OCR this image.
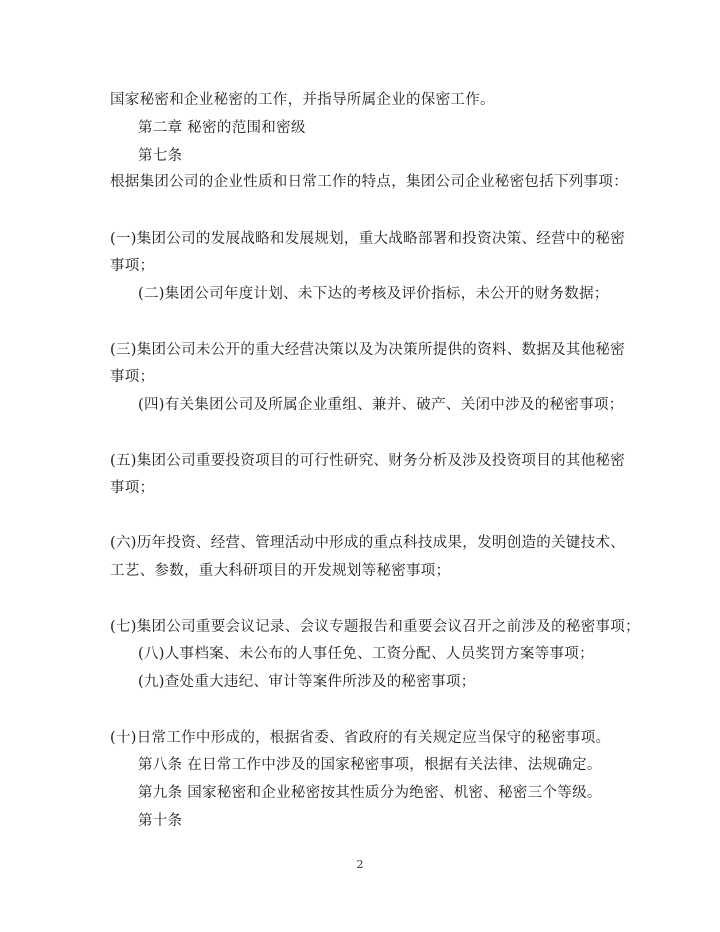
国家秘密和企业秘密的工作，并指导所属企业的保密工作。
第二章 秘密的范围和密级
第七条
根据集团公司的企业性质和日常工作的特点，集团公司企业秘密包括下列事项：
(一)集团公司的发展战略和发展规划，重大战略部署和投资决策、经营中的秘密
事项；
(二)集团公司年度计划、未下达的考核及评价指标，未公开的财务数据；
(三)集团公司未公开的重大经营决策以及为决策所提供的资料、数据及其他秘密
事项；
(四)有关集团公司及所属企业重组、兼并、破产、关闭中涉及的秘密事项；
(五)集团公司重要投资项目的可行性研究、财务分析及涉及投资项目的其他秘密
事项；
(六)历年投资、经营、管理活动中形成的重点科技成果，发明创造的关键技术、
工艺、参数，重大科研项目的开发规划等秘密事项；
(七)集团公司重要会议记录、会议专题报告和重要会议召开之前涉及的秘密事项；
(八)人事档案、未公布的人事任免、工资分配、人员奖罚方案等事项；
(九)查处重大违纪、审计等案件所涉及的秘密事项；
(十)日常工作中形成的，根据省委、省政府的有关规定应当保守的秘密事项。
第八条 在日常工作中涉及的国家秘密事项，根据有关法律、法规确定。
第九条 国家秘密和企业秘密按其性质分为绝密、机密、秘密三个等级。
第十条
2
